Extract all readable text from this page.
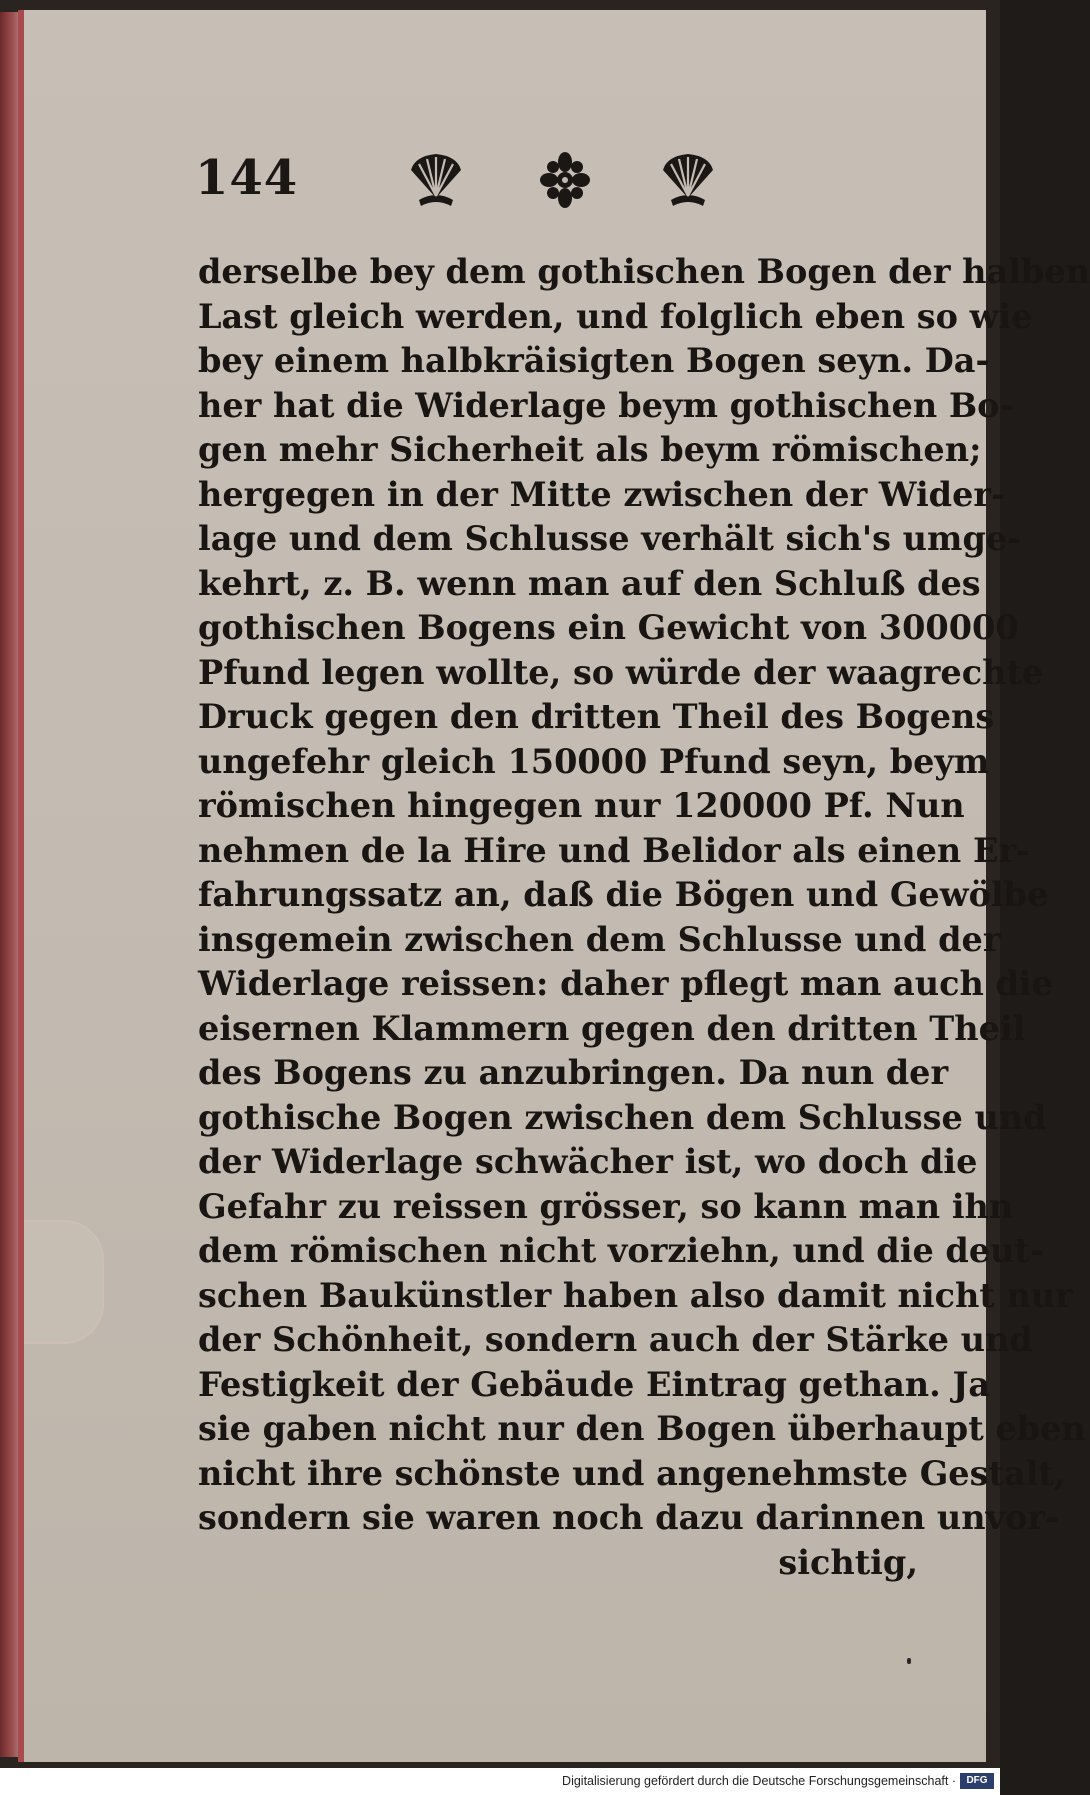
144
derselbe bey dem gothischen Bogen der halben
Last gleich werden, und folglich eben so wie
bey einem halbkräisigten Bogen seyn. Da-
her hat die Widerlage beym gothischen Bo-
gen mehr Sicherheit als beym römischen;
hergegen in der Mitte zwischen der Wider-
lage und dem Schlusse verhält sich's umge-
kehrt, z. B. wenn man auf den Schluß des
gothischen Bogens ein Gewicht von 300000
Pfund legen wollte, so würde der waagrechte
Druck gegen den dritten Theil des Bogens
ungefehr gleich 150000 Pfund seyn, beym
römischen hingegen nur 120000 Pf. Nun
nehmen de la Hire und Belidor als einen Er-
fahrungssatz an, daß die Bögen und Gewölbe
insgemein zwischen dem Schlusse und der
Widerlage reissen: daher pflegt man auch die
eisernen Klammern gegen den dritten Theil
des Bogens zu anzubringen. Da nun der
gothische Bogen zwischen dem Schlusse und
der Widerlage schwächer ist, wo doch die
Gefahr zu reissen grösser, so kann man ihn
dem römischen nicht vorziehn, und die deut-
schen Baukünstler haben also damit nicht nur
der Schönheit, sondern auch der Stärke und
Festigkeit der Gebäude Eintrag gethan. Ja
sie gaben nicht nur den Bogen überhaupt eben
nicht ihre schönste und angenehmste Gestalt,
sondern sie waren noch dazu darinnen unvor-
sichtig,
Digitalisierung gefördert durch die Deutsche Forschungsgemeinschaft ·	DFG
